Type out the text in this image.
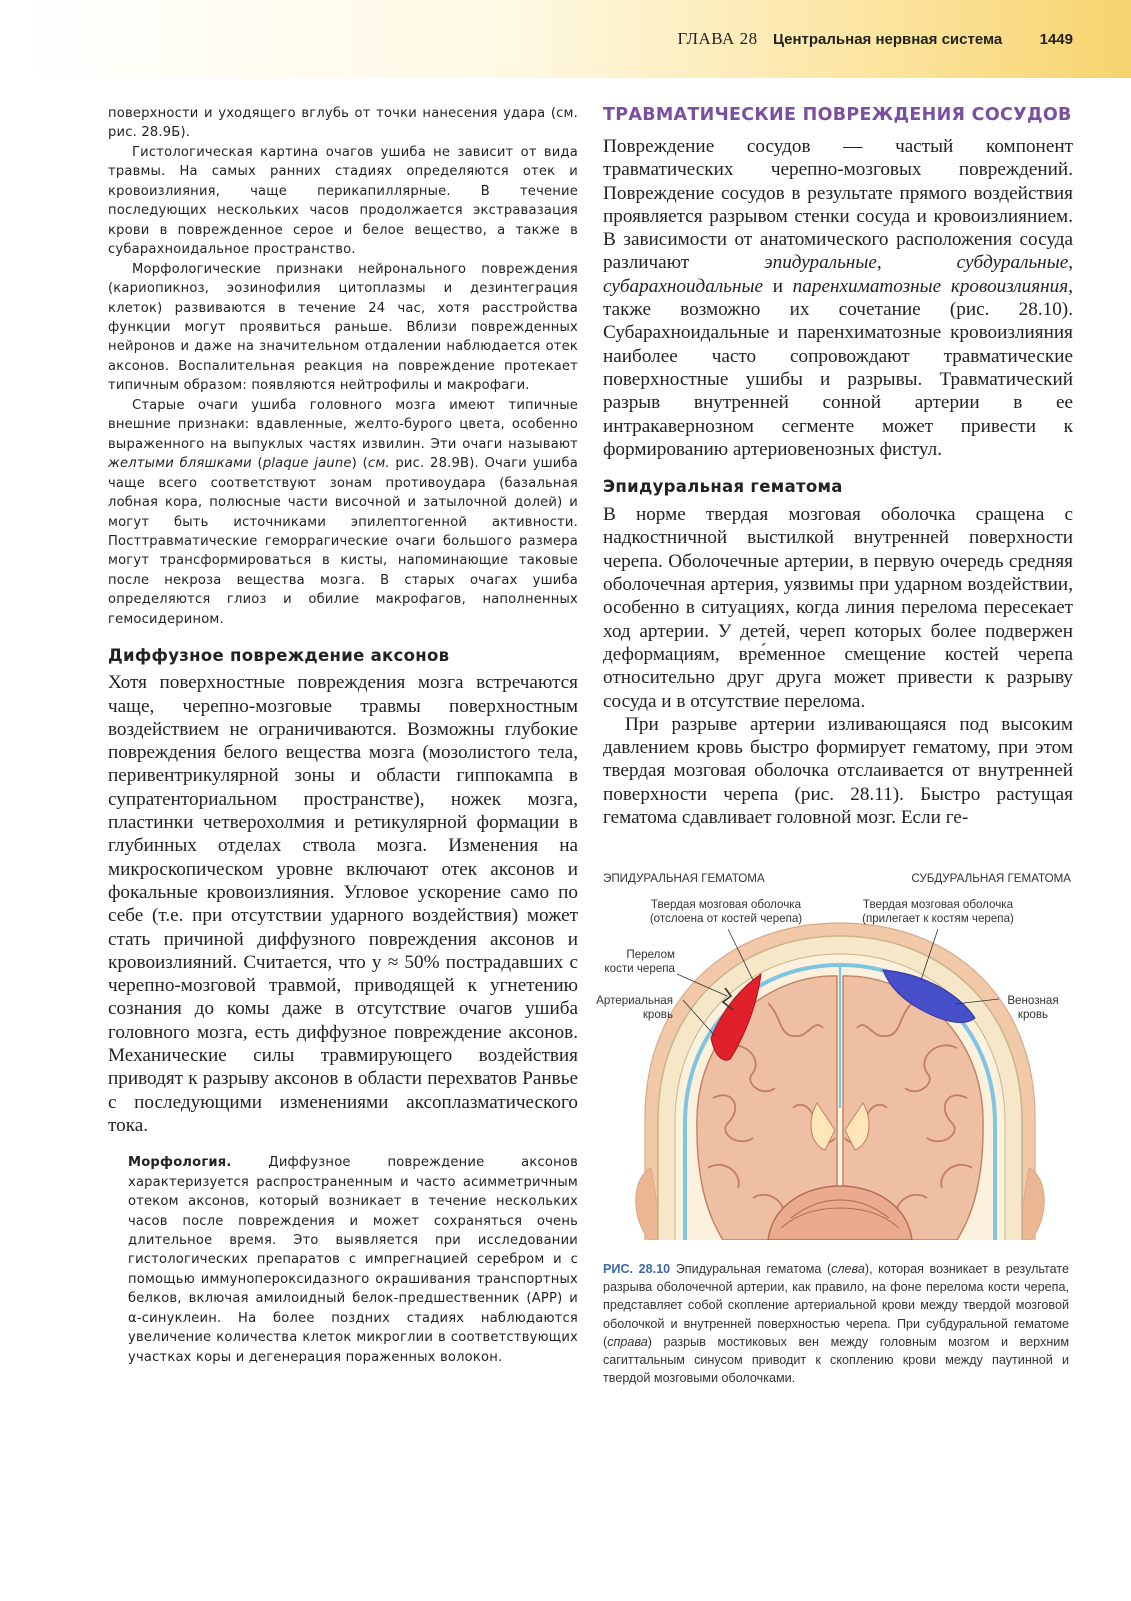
ГЛАВА 28 Центральная нервная система 1449

поверхности и уходящего вглубь от точки нанесения удара (см. рис. 28.9Б).

Гистологическая картина очагов ушиба не зависит от вида травмы. На самых ранних стадиях определяются отек и кровоизлияния, чаще перикапиллярные. В течение последующих нескольких часов продолжается экстравазация крови в поврежденное серое и белое вещество, а также в субарахноидальное пространство.

Морфологические признаки нейронального повреждения (кариопикноз, эозинофилия цитоплазмы и дезинтеграция клеток) развиваются в течение 24 час, хотя расстройства функции могут проявиться раньше. Вблизи поврежденных нейронов и даже на значительном отдалении наблюдается отек аксонов. Воспалительная реакция на повреждение протекает типичным образом: появляются нейтрофилы и макрофаги.

Старые очаги ушиба головного мозга имеют типичные внешние признаки: вдавленные, желто-бурого цвета, особенно выраженного на выпуклых частях извилин. Эти очаги называют желтыми бляшками (plaque jaune) (см. рис. 28.9В). Очаги ушиба чаще всего соответствуют зонам противоудара (базальная лобная кора, полюсные части височной и затылочной долей) и могут быть источниками эпилептогенной активности. Посттравматические геморрагические очаги большого размера могут трансформироваться в кисты, напоминающие таковые после некроза вещества мозга. В старых очагах ушиба определяются глиоз и обилие макрофагов, наполненных гемосидерином.

Диффузное повреждение аксонов

Хотя поверхностные повреждения мозга встречаются чаще, черепно-мозговые травмы поверхностным воздействием не ограничиваются. Возможны глубокие повреждения белого вещества мозга (мозолистого тела, перивентрикулярной зоны и области гиппокампа в супратенториальном пространстве), ножек мозга, пластинки четверохолмия и ретикулярной формации в глубинных отделах ствола мозга. Изменения на микроскопическом уровне включают отек аксонов и фокальные кровоизлияния. Угловое ускорение само по себе (т.е. при отсутствии ударного воздействия) может стать причиной диффузного повреждения аксонов и кровоизлияний. Считается, что у ≈ 50% пострадавших с черепно-мозговой травмой, приводящей к угнетению сознания до комы даже в отсутствие очагов ушиба головного мозга, есть диффузное повреждение аксонов. Механические силы травмирующего воздействия приводят к разрыву аксонов в области перехватов Ранвье с последующими изменениями аксоплазматического тока.

Морфология. Диффузное повреждение аксонов характеризуется распространенным и часто асимметричным отеком аксонов, который возникает в течение нескольких часов после повреждения и может сохраняться очень длительное время. Это выявляется при исследовании гистологических препаратов с импрегнацией серебром и с помощью иммунопероксидазного окрашивания транспортных белков, включая амилоидный белок-предшественник (АРР) и α-синуклеин. На более поздних стадиях наблюдаются увеличение количества клеток микроглии в соответствующих участках коры и дегенерация пораженных волокон.

ТРАВМАТИЧЕСКИЕ ПОВРЕЖДЕНИЯ СОСУДОВ

Повреждение сосудов — частый компонент травматических черепно-мозговых повреждений. Повреждение сосудов в результате прямого воздействия проявляется разрывом стенки сосуда и кровоизлиянием. В зависимости от анатомического расположения сосуда различают эпидуральные, субдуральные, субарахноидальные и паренхиматозные кровоизлияния, также возможно их сочетание (рис. 28.10). Субарахноидальные и паренхиматозные кровоизлияния наиболее часто сопровождают травматические поверхностные ушибы и разрывы. Травматический разрыв внутренней сонной артерии в ее интракавернозном сегменте может привести к формированию артериовенозных фистул.

Эпидуральная гематома

В норме твердая мозговая оболочка сращена с надкостничной выстилкой внутренней поверхности черепа. Оболочечные артерии, в первую очередь средняя оболочечная артерия, уязвимы при ударном воздействии, особенно в ситуациях, когда линия перелома пересекает ход артерии. У детей, череп которых более подвержен деформациям, вре́менное смещение костей черепа относительно друг друга может привести к разрыву сосуда и в отсутствие перелома.

При разрыве артерии изливающаяся под высоким давлением кровь быстро формирует гематому, при этом твердая мозговая оболочка отслаивается от внутренней поверхности черепа (рис. 28.11). Быстро растущая гематома сдавливает головной мозг. Если ге-

ЭПИДУРАЛЬНАЯ ГЕМАТОМА	СУБДУРАЛЬНАЯ ГЕМАТОМА
Твердая мозговая оболочка
(отслоена от костей черепа)
Твердая мозговая оболочка
(прилегает к костям черепа)
Перелом
кости черепа
Артериальная
кровь
Венозная
кровь

РИС. 28.10 Эпидуральная гематома (слева), которая возникает в результате разрыва оболочечной артерии, как правило, на фоне перелома кости черепа, представляет собой скопление артериальной крови между твердой мозговой оболочкой и внутренней поверхностью черепа. При субдуральной гематоме (справа) разрыв мостиковых вен между головным мозгом и верхним сагиттальным синусом приводит к скоплению крови между паутинной и твердой мозговыми оболочками.
